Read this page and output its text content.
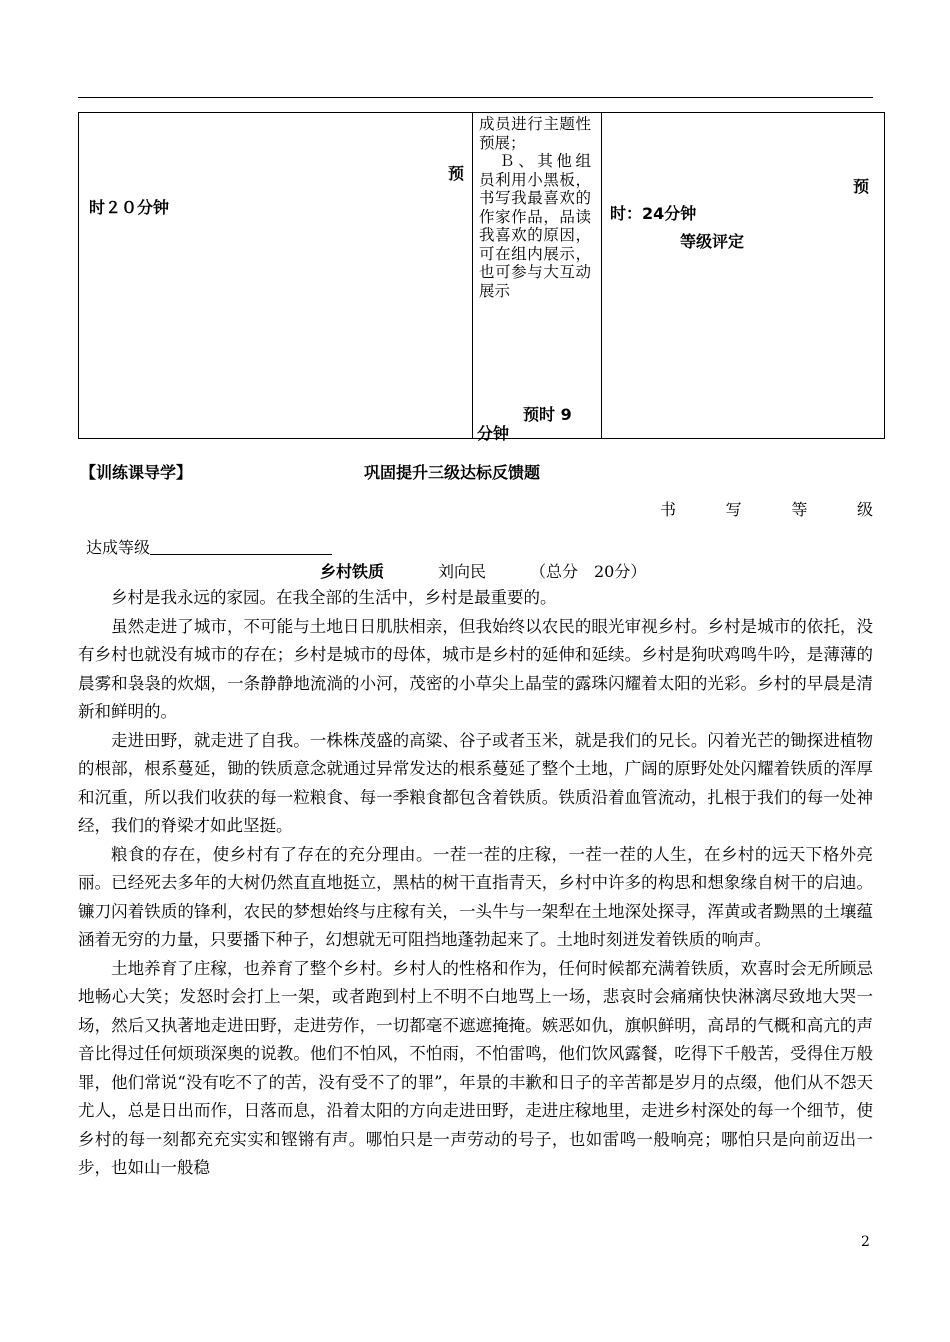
预
时２０分钟

成员进行主题性预展；

Ｂ、其他组员利用小黑板，书写我最喜欢的作家作品，品读我喜欢的原因，可在组内展示，也可参与大互动展示

预时 9
分钟

预
时：24分钟
等级评定
【训练课导学】	巩固提升三级达标反馈题
书	写	等	级
达成等级
乡村铁质	刘向民	（总分　20分）

乡村是我永远的家园。在我全部的生活中，乡村是最重要的。

虽然走进了城市，不可能与土地日日肌肤相亲，但我始终以农民的眼光审视乡村。乡村是城市的依托，没有乡村也就没有城市的存在；乡村是城市的母体，城市是乡村的延伸和延续。乡村是狗吠鸡鸣牛吟，是薄薄的晨雾和袅袅的炊烟，一条静静地流淌的小河，茂密的小草尖上晶莹的露珠闪耀着太阳的光彩。乡村的早晨是清新和鲜明的。

走进田野，就走进了自我。一株株茂盛的高粱、谷子或者玉米，就是我们的兄长。闪着光芒的锄探进植物的根部，根系蔓延，锄的铁质意念就通过异常发达的根系蔓延了整个土地，广阔的原野处处闪耀着铁质的浑厚和沉重，所以我们收获的每一粒粮食、每一季粮食都包含着铁质。铁质沿着血管流动，扎根于我们的每一处神经，我们的脊梁才如此坚挺。

粮食的存在，使乡村有了存在的充分理由。一茬一茬的庄稼，一茬一茬的人生，在乡村的远天下格外亮丽。已经死去多年的大树仍然直直地挺立，黑枯的树干直指青天，乡村中许多的构思和想象缘自树干的启迪。镰刀闪着铁质的锋利，农民的梦想始终与庄稼有关，一头牛与一架犁在土地深处探寻，浑黄或者黝黑的土壤蕴涵着无穷的力量，只要播下种子，幻想就无可阻挡地蓬勃起来了。土地时刻迸发着铁质的响声。

土地养育了庄稼，也养育了整个乡村。乡村人的性格和作为，任何时候都充满着铁质，欢喜时会无所顾忌地畅心大笑；发怒时会打上一架，或者跑到村上不明不白地骂上一场，悲哀时会痛痛快快淋漓尽致地大哭一场，然后又执著地走进田野，走进劳作，一切都毫不遮遮掩掩。嫉恶如仇，旗帜鲜明，高昂的气概和高亢的声音比得过任何烦琐深奥的说教。他们不怕风，不怕雨，不怕雷鸣，他们饮风露餐，吃得下千般苦，受得住万般罪，他们常说“没有吃不了的苦，没有受不了的罪”，年景的丰歉和日子的辛苦都是岁月的点缀，他们从不怨天尤人，总是日出而作，日落而息，沿着太阳的方向走进田野，走进庄稼地里，走进乡村深处的每一个细节，使乡村的每一刻都充充实实和铿锵有声。哪怕只是一声劳动的号子，也如雷鸣一般响亮；哪怕只是向前迈出一步，也如山一般稳

2
